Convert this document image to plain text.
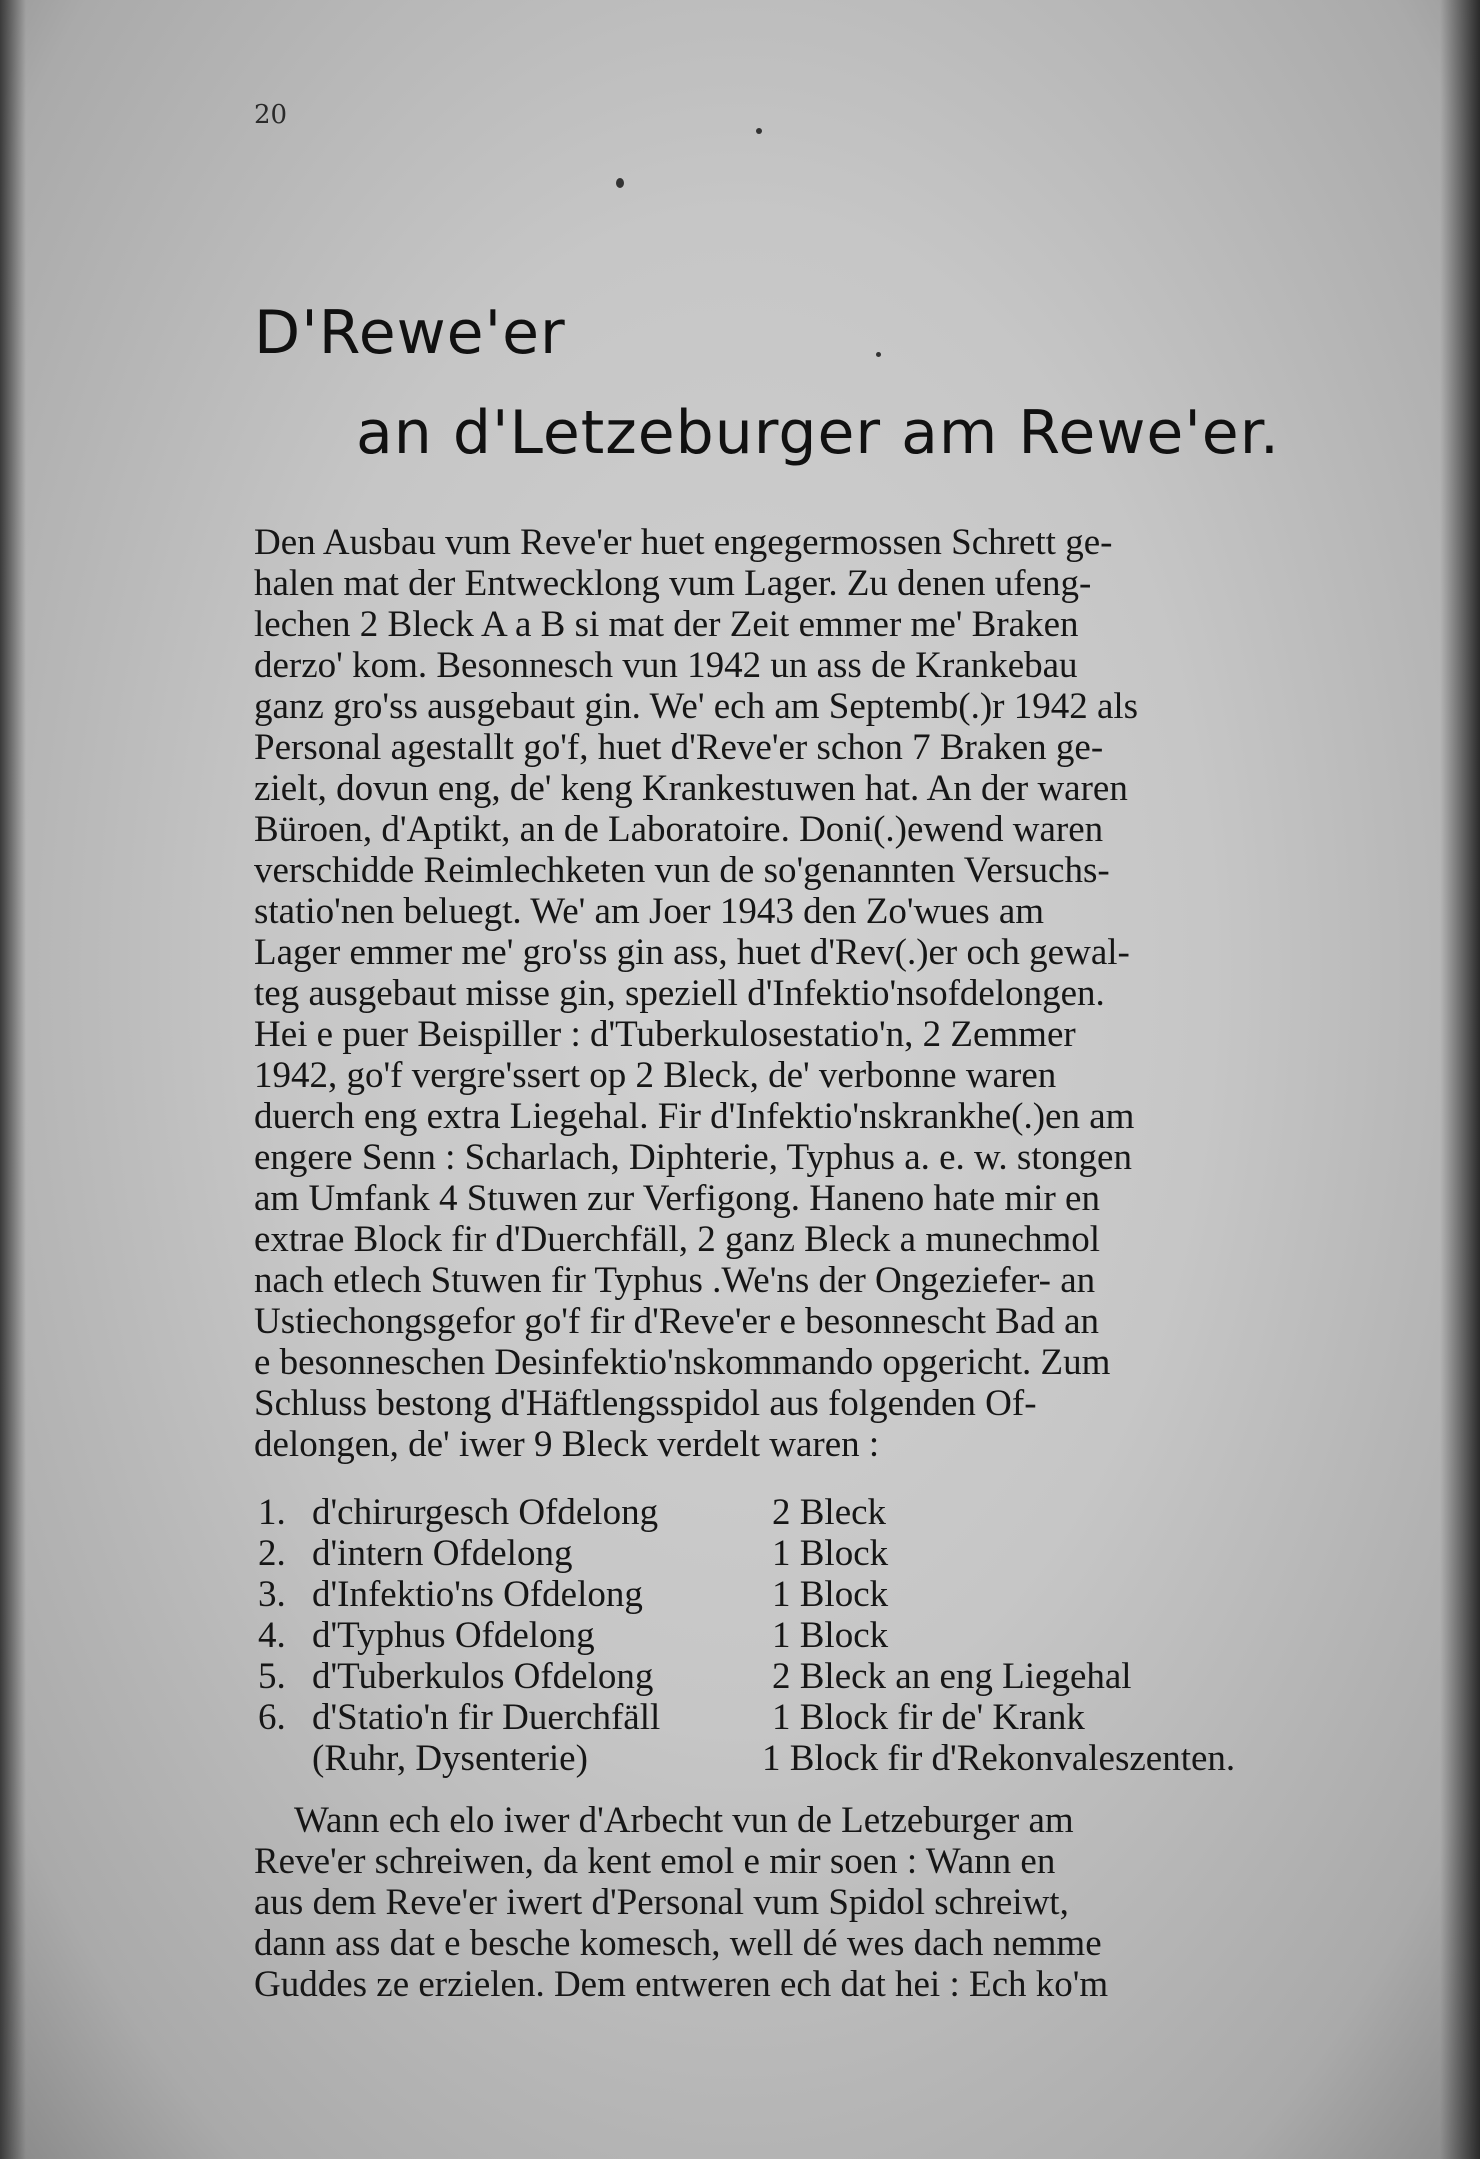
20
D'Rewe'er
an d'Letzeburger am Rewe'er.
Den Ausbau vum Reve'er huet engegermossen Schrett ge-
halen mat der Entwecklong vum Lager. Zu denen ufeng-
lechen 2 Bleck A a B si mat der Zeit emmer me' Braken
derzo' kom. Besonnesch vun 1942 un ass de Krankebau
ganz gro'ss ausgebaut gin. We' ech am Septemb(.)r 1942 als
Personal agestallt go'f, huet d'Reve'er schon 7 Braken ge-
zielt, dovun eng, de' keng Krankestuwen hat. An der waren
Büroen, d'Aptikt, an de Laboratoire. Doni(.)ewend waren
verschidde Reimlechketen vun de so'genannten Versuchs-
statio'nen beluegt. We' am Joer 1943 den Zo'wues am
Lager emmer me' gro'ss gin ass, huet d'Rev(.)er och gewal-
teg ausgebaut misse gin, speziell d'Infektio'nsofdelongen.
Hei e puer Beispiller : d'Tuberkulosestatio'n, 2 Zemmer
1942, go'f vergre'ssert op 2 Bleck, de' verbonne waren
duerch eng extra Liegehal. Fir d'Infektio'nskrankhe(.)en am
engere Senn : Scharlach, Diphterie, Typhus a. e. w. stongen
am Umfank 4 Stuwen zur Verfigong. Haneno hate mir en
extrae Block fir d'Duerchfäll, 2 ganz Bleck a munechmol
nach etlech Stuwen fir Typhus .We'ns der Ongeziefer- an
Ustiechongsgefor go'f fir d'Reve'er e besonnescht Bad an
e besonneschen Desinfektio'nskommando opgericht. Zum
Schluss bestong d'Häftlengsspidol aus folgenden Of-
delongen, de' iwer 9 Bleck verdelt waren :
1. d'chirurgesch Ofdelong	2 Bleck
2. d'intern Ofdelong	1 Block
3. d'Infektio'ns Ofdelong	1 Block
4. d'Typhus Ofdelong	1 Block
5. d'Tuberkulos Ofdelong	2 Bleck an eng Liegehal
6. d'Statio'n fir Duerchfäll	1 Block fir de' Krank
(Ruhr, Dysenterie)	1 Block fir d'Rekonvaleszenten.
Wann ech elo iwer d'Arbecht vun de Letzeburger am
Reve'er schreiwen, da kent emol e mir soen : Wann en
aus dem Reve'er iwert d'Personal vum Spidol schreiwt,
dann ass dat e besche komesch, well dé wes dach nemme
Guddes ze erzielen. Dem entweren ech dat hei : Ech ko'm
